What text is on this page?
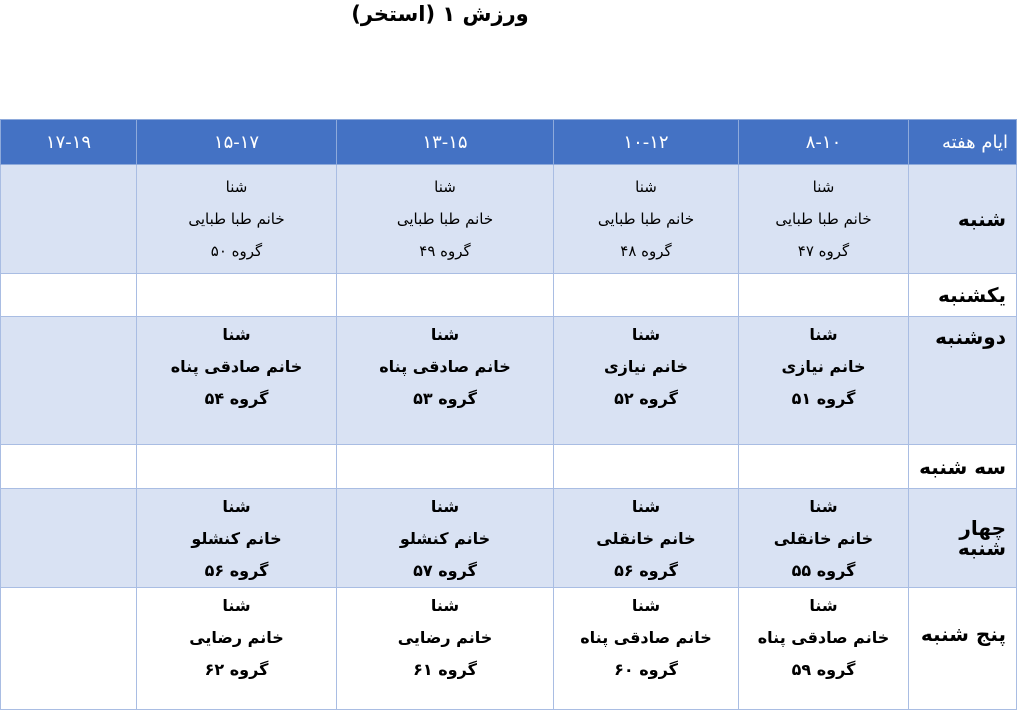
ورزش ۱ (استخر)
ایام هفته	۸-۱۰	۱۰-۱۲	۱۳-۱۵	۱۵-۱۷	۱۷-۱۹
شنبه	شنا
خانم طبا طبایی
گروه ۴۷	شنا
خانم طبا طبایی
گروه ۴۸	شنا
خانم طبا طبایی
گروه ۴۹	شنا
خانم طبا طبایی
گروه ۵۰	

یکشنبه					
دوشنبه	شنا
خانم نیازی
گروه ۵۱	شنا
خانم نیازی
گروه ۵۲	شنا
خانم صادقی پناه
گروه ۵۳	شنا
خانم صادقی پناه
گروه ۵۴	

سه شنبه					
چهار شنبه	شنا
خانم خانقلی
گروه ۵۵	شنا
خانم خانقلی
گروه ۵۶	شنا
خانم کنشلو
گروه ۵۷	شنا
خانم کنشلو
گروه ۵۶	

پنج شنبه	شنا
خانم صادقی پناه
گروه ۵۹	شنا
خانم صادقی پناه
گروه ۶۰	شنا
خانم رضایی
گروه ۶۱	شنا
خانم رضایی
گروه ۶۲	
